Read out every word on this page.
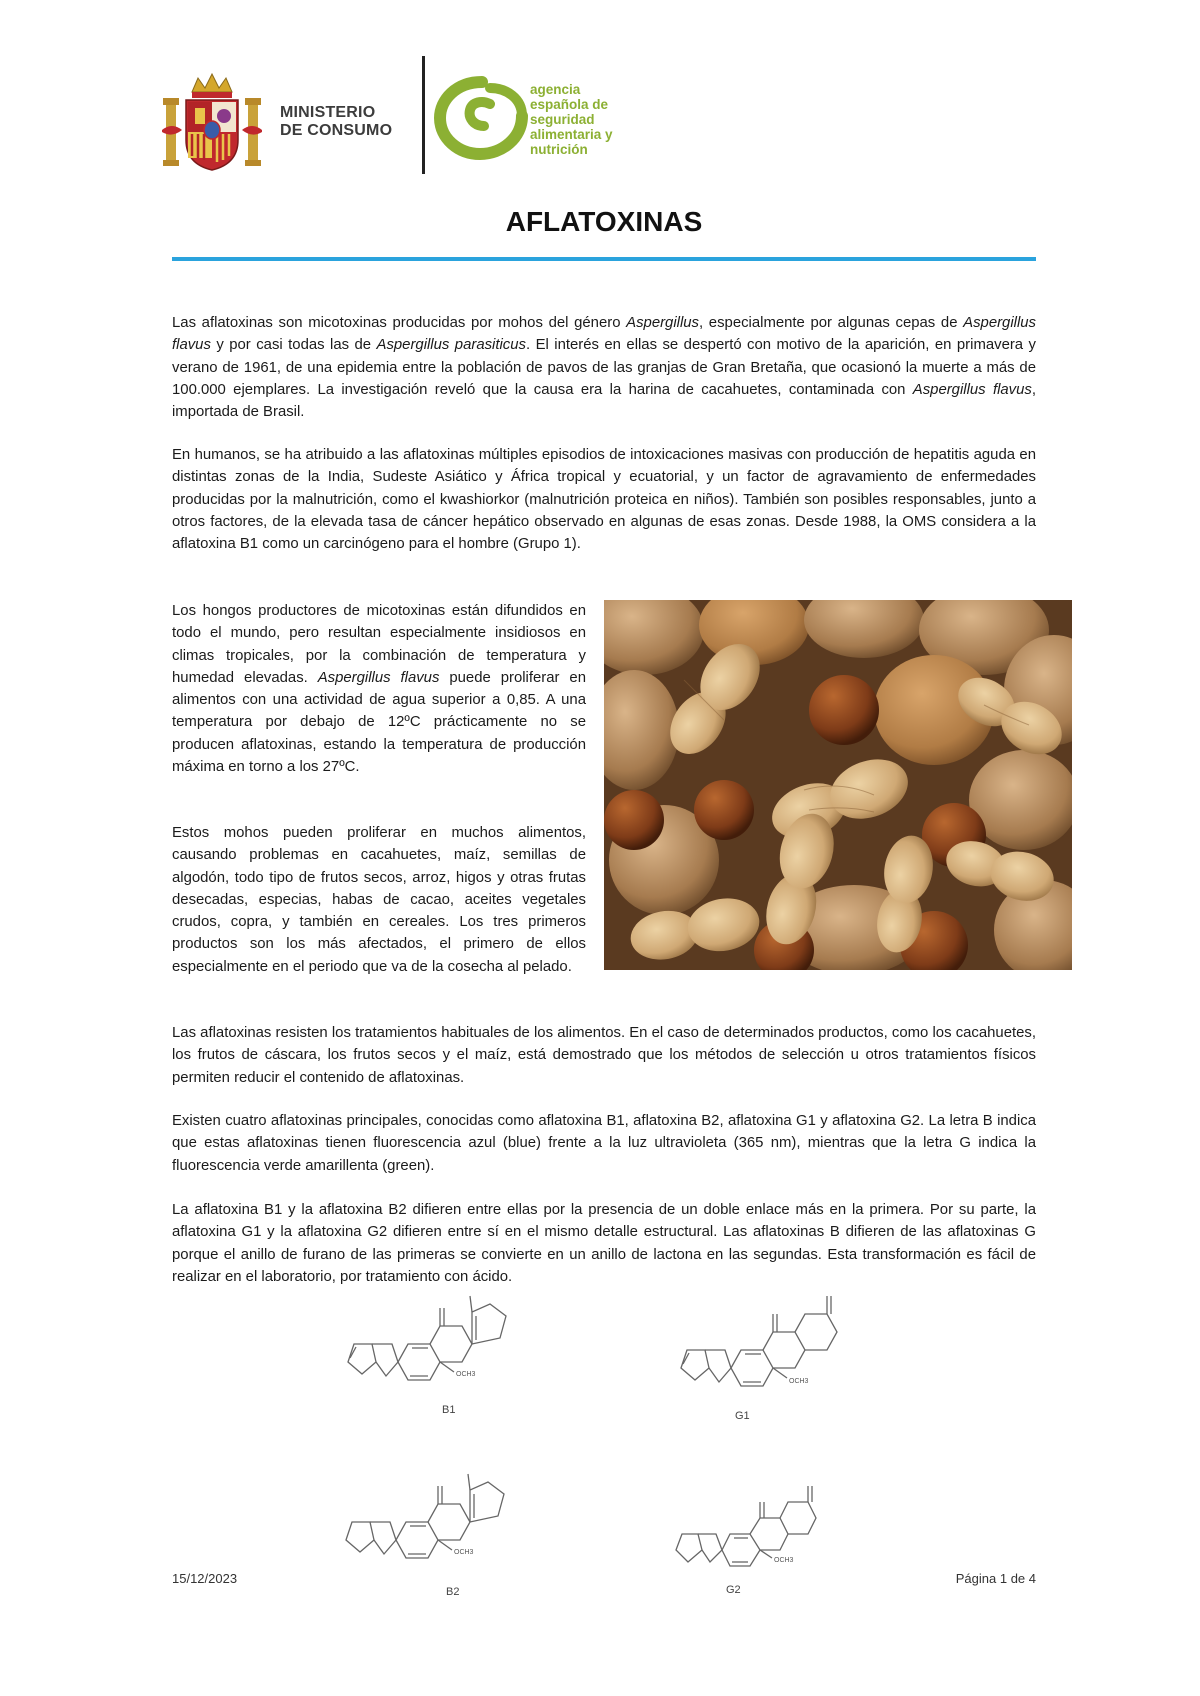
MINISTERIO
DE CONSUMO
agencia
española de
seguridad
alimentaria y
nutrición
AFLATOXINAS

Las aflatoxinas son micotoxinas producidas por mohos del género Aspergillus, especialmente por algunas cepas de Aspergillus flavus y por casi todas las de Aspergillus parasiticus. El interés en ellas se despertó con motivo de la aparición, en primavera y verano de 1961, de una epidemia entre la población de pavos de las granjas de Gran Bretaña, que ocasionó la muerte a más de 100.000 ejemplares. La investigación reveló que la causa era la harina de cacahuetes, contaminada con Aspergillus flavus, importada de Brasil.

En humanos, se ha atribuido a las aflatoxinas múltiples episodios de intoxicaciones masivas con producción de hepatitis aguda en distintas zonas de la India, Sudeste Asiático y África tropical y ecuatorial, y un factor de agravamiento de enfermedades producidas por la malnutrición, como el kwashiorkor (malnutrición proteica en niños). También son posibles responsables, junto a otros factores, de la elevada tasa de cáncer hepático observado en algunas de esas zonas. Desde 1988, la OMS considera a la aflatoxina B1 como un carcinógeno para el hombre (Grupo 1).

Los hongos productores de micotoxinas están difundidos en todo el mundo, pero resultan especialmente insidiosos en climas tropicales, por la combinación de temperatura y humedad elevadas. Aspergillus flavus puede proliferar en alimentos con una actividad de agua superior a 0,85. A una temperatura por debajo de 12ºC prácticamente no se producen aflatoxinas, estando la temperatura de producción máxima en torno a los 27ºC.

Estos mohos pueden proliferar en muchos alimentos, causando problemas en cacahuetes, maíz, semillas de algodón, todo tipo de frutos secos, arroz, higos y otras frutas desecadas, especias, habas de cacao, aceites vegetales crudos, copra, y también en cereales. Los tres primeros productos son los más afectados, el primero de ellos especialmente en el periodo que va de la cosecha al pelado.

Las aflatoxinas resisten los tratamientos habituales de los alimentos. En el caso de determinados productos, como los cacahuetes, los frutos de cáscara, los frutos secos y el maíz, está demostrado que los métodos de selección u otros tratamientos físicos permiten reducir el contenido de aflatoxinas.

Existen cuatro aflatoxinas principales, conocidas como aflatoxina B1, aflatoxina B2, aflatoxina G1 y aflatoxina G2. La letra B indica que estas aflatoxinas tienen fluorescencia azul (blue) frente a la luz ultravioleta (365 nm), mientras que la letra G indica la fluorescencia verde amarillenta (green).

La aflatoxina B1 y la aflatoxina B2 difieren entre ellas por la presencia de un doble enlace más en la primera. Por su parte, la aflatoxina G1 y la aflatoxina G2 difieren entre sí en el mismo detalle estructural. Las aflatoxinas B difieren de las aflatoxinas G porque el anillo de furano de las primeras se convierte en un anillo de lactona en las segundas. Esta transformación es fácil de realizar en el laboratorio, por tratamiento con ácido.

OCH3
B1
OCH3
G1
OCH3
B2
OCH3
G2
15/12/2023	Página 1 de 4
